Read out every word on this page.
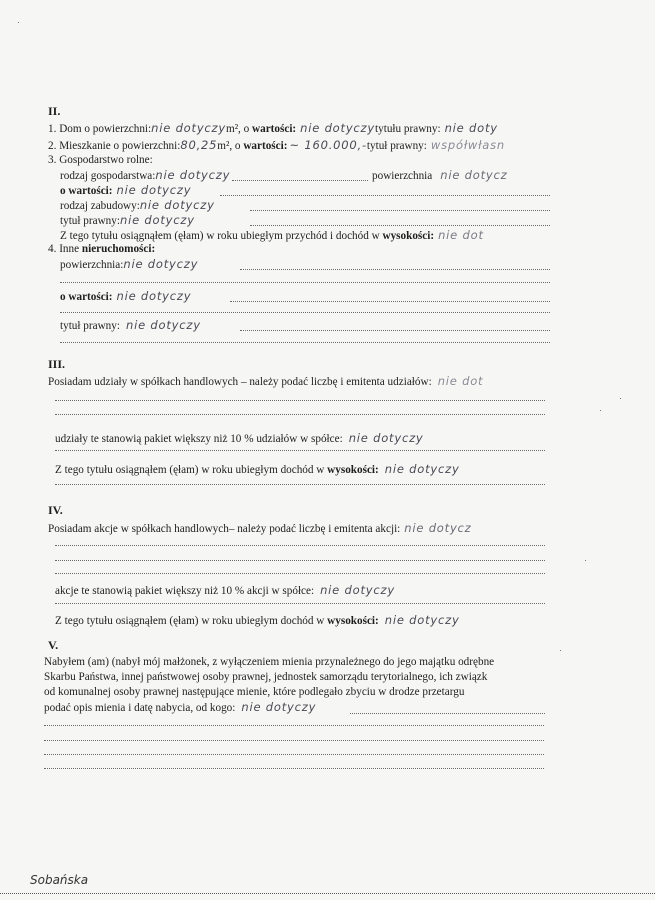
II.
1. Dom o powierzchni:nie dotyczym², o wartości: nie dotyczytytułu prawny: nie doty
2. Mieszkanie o powierzchni:80,25m², o wartości: ~ 160.000,-tytuł prawny: współwłasn
3. Gospodarstwo rolne:
rodzaj gospodarstwa:nie dotyczy	powierzchnia nie dotycz
o wartości: nie dotyczy
rodzaj zabudowy:nie dotyczy
tytuł prawny:nie dotyczy
Z tego tytułu osiągnąłem (ęłam) w roku ubiegłym przychód i dochód w wysokości: nie dot
4. Inne nieruchomości:
powierzchnia:nie dotyczy
o wartości: nie dotyczy
tytuł prawny: nie dotyczy
III.
Posiadam udziały w spółkach handlowych – należy podać liczbę i emitenta udziałów: nie dot
udziały te stanowią pakiet większy niż 10 % udziałów w spółce: nie dotyczy
Z tego tytułu osiągnąłem (ęłam) w roku ubiegłym dochód w wysokości: nie dotyczy
IV.
Posiadam akcje w spółkach handlowych– należy podać liczbę i emitenta akcji: nie dotycz
akcje te stanowią pakiet większy niż 10 % akcji w spółce: nie dotyczy
Z tego tytułu osiągnąłem (ęłam) w roku ubiegłym dochód w wysokości: nie dotyczy
V.
Nabyłem (am) (nabył mój małżonek, z wyłączeniem mienia przynależnego do jego majątku odrębne
Skarbu Państwa, innej państwowej osoby prawnej, jednostek samorządu terytorialnego, ich związk
od komunalnej osoby prawnej następujące mienie, które podlegało zbyciu w drodze przetargu
podać opis mienia i datę nabycia, od kogo: nie dotyczy
Sobańska
